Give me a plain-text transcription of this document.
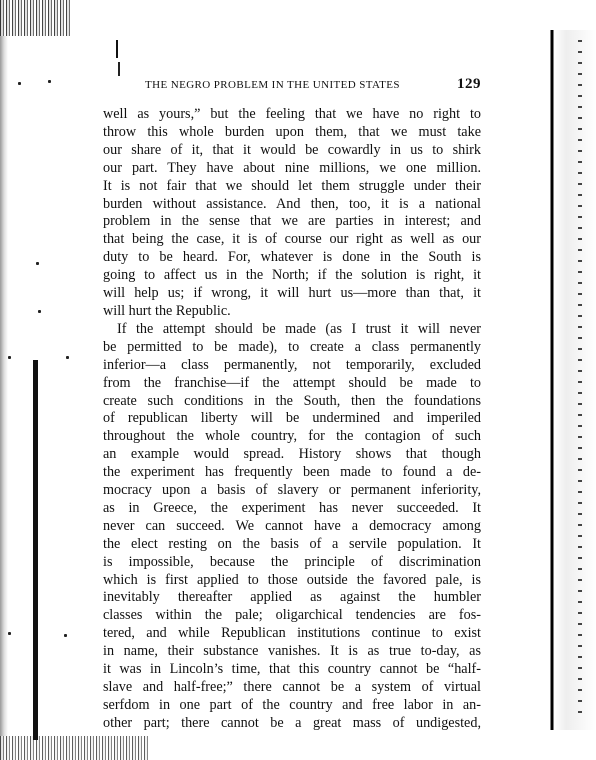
THE NEGRO PROBLEM IN THE UNITED STATES	129

well as yours,” but the feeling that we have no right to
throw this whole burden upon them, that we must take
our share of it, that it would be cowardly in us to shirk
our part. They have about nine millions, we one million.
It is not fair that we should let them struggle under their
burden without assistance. And then, too, it is a national
problem in the sense that we are parties in interest; and
that being the case, it is of course our right as well as our
duty to be heard. For, whatever is done in the South is
going to affect us in the North; if the solution is right, it
will help us; if wrong, it will hurt us—more than that, it
will hurt the Republic.

If the attempt should be made (as I trust it will never
be permitted to be made), to create a class permanently
inferior—a class permanently, not temporarily, excluded
from the franchise—if the attempt should be made to
create such conditions in the South, then the foundations
of republican liberty will be undermined and imperiled
throughout the whole country, for the contagion of such
an example would spread. History shows that though
the experiment has frequently been made to found a de-
mocracy upon a basis of slavery or permanent inferiority,
as in Greece, the experiment has never succeeded. It
never can succeed. We cannot have a democracy among
the elect resting on the basis of a servile population. It
is impossible, because the principle of discrimination
which is first applied to those outside the favored pale, is
inevitably thereafter applied as against the humbler
classes within the pale; oligarchical tendencies are fos-
tered, and while Republican institutions continue to exist
in name, their substance vanishes. It is as true to-day, as
it was in Lincoln’s time, that this country cannot be “half-
slave and half-free;” there cannot be a system of virtual
serfdom in one part of the country and free labor in an-
other part; there cannot be a great mass of undigested,
